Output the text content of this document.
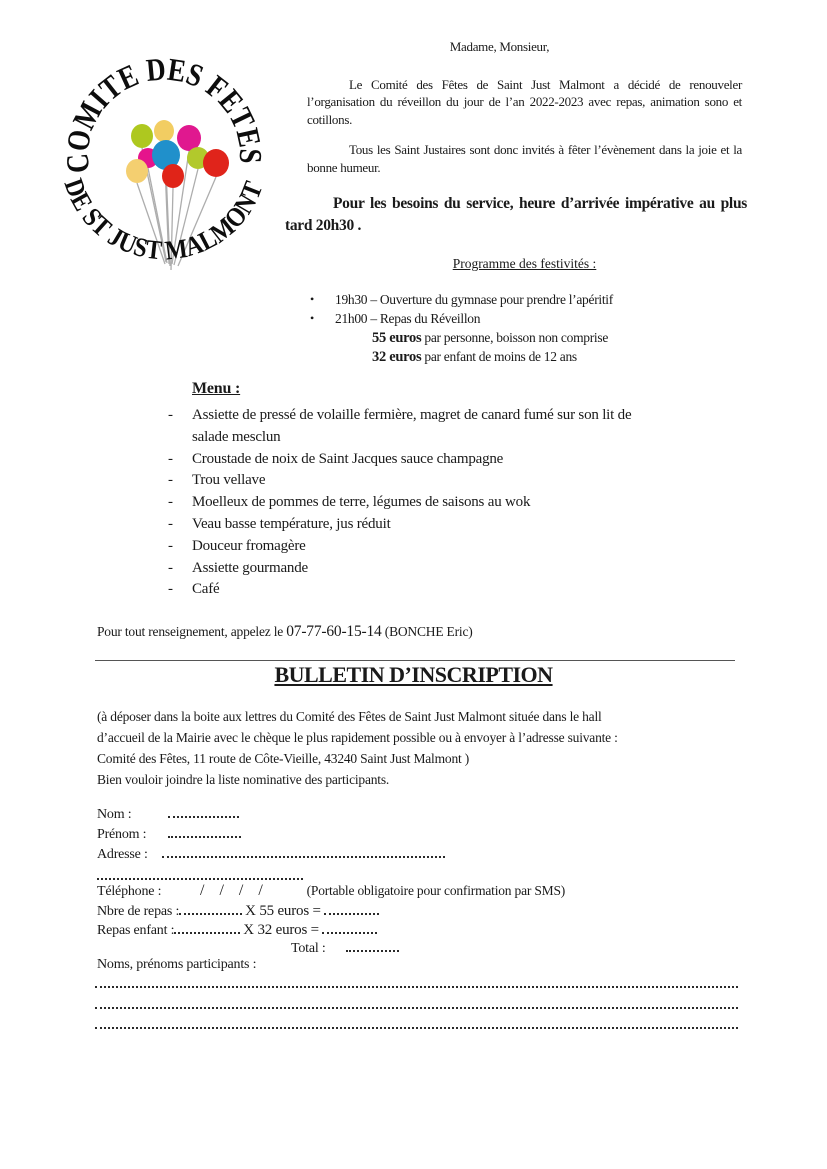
COMITE DES FETES
DE ST JUST MALMONT
Madame, Monsieur,

Le Comité des Fêtes de Saint Just Malmont a décidé de renouveler l’organisation du réveillon du jour de l’an 2022-2023 avec repas, animation sono et cotillons.

Tous les Saint Justaires sont donc invités à fêter l’évènement dans la joie et la bonne humeur.

Pour les besoins du service, heure d’arrivée impérative au plus tard 20h30 .
Programme des festivités :
•	19h30 – Ouverture du gymnase pour prendre l’apéritif
•	21h00 – Repas du Réveillon
55 euros par personne, boisson non comprise
32 euros par enfant de moins de 12 ans
Menu :
-	Assiette de pressé de volaille fermière, magret de canard fumé sur son lit de salade mesclun
-	Croustade de noix de Saint Jacques sauce champagne
-	Trou vellave
-	Moelleux de pommes de terre, légumes de saisons au wok
-	Veau basse température, jus réduit
-	Douceur fromagère
-	Assiette gourmande
-	Café
Pour tout renseignement, appelez le 07-77-60-15-14 (BONCHE Eric)
BULLETIN D’INSCRIPTION
(à déposer dans la boite aux lettres du Comité des Fêtes de Saint Just Malmont située dans le hall
d’accueil de la Mairie avec le chèque le plus rapidement possible ou à envoyer à l’adresse suivante :
Comité des Fêtes, 11 route de Côte-Vieille, 43240 Saint Just Malmont )
Bien vouloir joindre la liste nominative des participants.
Nom :
Prénom :
Adresse :
Téléphone : /    /    /    /	(Portable obligatoire pour confirmation par SMS)
Nbre de repas :	X 55 euros =
Repas enfant :	X 32 euros =
Total :
Noms, prénoms participants :
